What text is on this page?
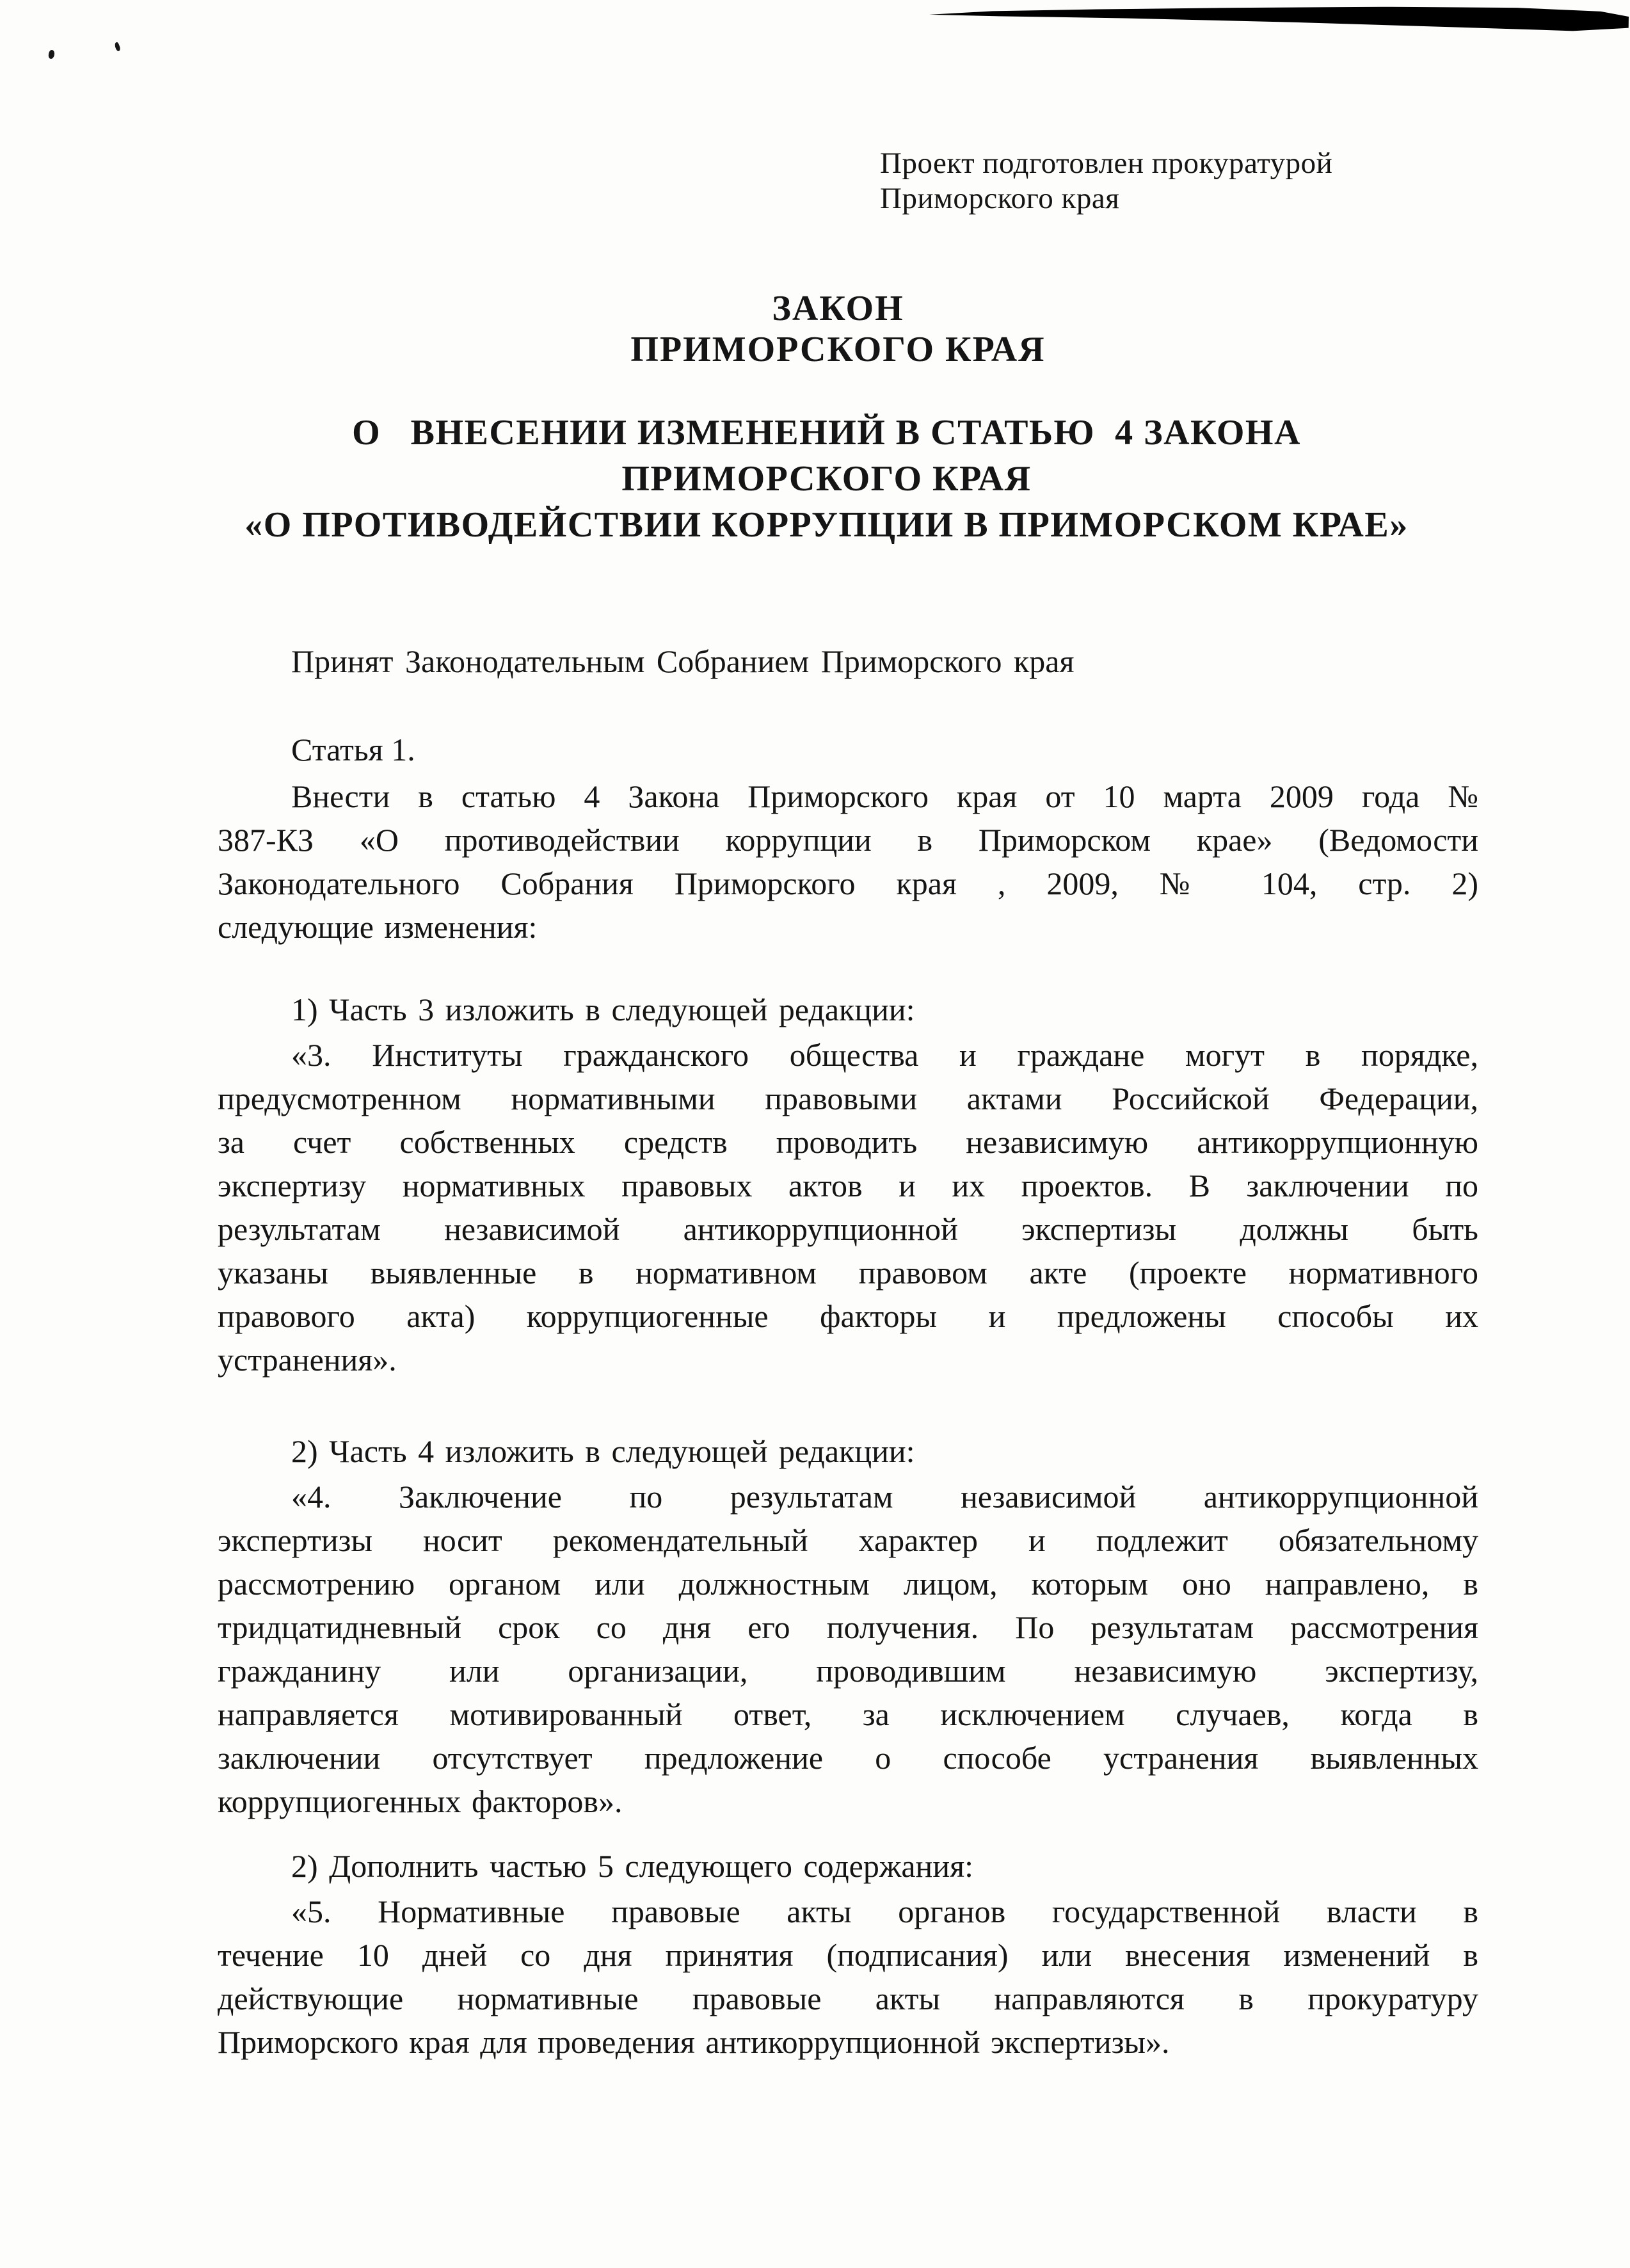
Проект подготовлен прокуратурой
Приморского края
ЗАКОН
ПРИМОРСКОГО КРАЯ
О   ВНЕСЕНИИ ИЗМЕНЕНИЙ В СТАТЬЮ  4 ЗАКОНА
ПРИМОРСКОГО КРАЯ
«О ПРОТИВОДЕЙСТВИИ КОРРУПЦИИ В ПРИМОРСКОМ КРАЕ»
Принят Законодательным Собранием Приморского края
Статья 1.
Внести в статью 4 Закона Приморского края от 10 марта 2009 года №
387-КЗ «О противодействии коррупции в Приморском крае» (Ведомости
Законодательного Собрания Приморского края , 2009, № 104, стр. 2)
следующие изменения:
1) Часть 3 изложить в следующей редакции:
«3. Институты гражданского общества и граждане могут в порядке,
предусмотренном нормативными правовыми актами Российской Федерации,
за счет собственных средств проводить независимую антикоррупционную
экспертизу нормативных правовых актов и их проектов. В заключении по
результатам независимой антикоррупционной экспертизы должны быть
указаны выявленные в нормативном правовом акте (проекте нормативного
правового акта) коррупциогенные факторы и предложены способы их
устранения».
2) Часть 4 изложить в следующей редакции:
«4. Заключение по результатам независимой антикоррупционной
экспертизы носит рекомендательный характер и подлежит обязательному
рассмотрению органом или должностным лицом, которым оно направлено, в
тридцатидневный срок со дня его получения. По результатам рассмотрения
гражданину или организации, проводившим независимую экспертизу,
направляется мотивированный ответ, за исключением случаев, когда в
заключении отсутствует предложение о способе устранения выявленных
коррупциогенных факторов».
2) Дополнить частью 5 следующего содержания:
«5. Нормативные правовые акты органов государственной власти в
течение 10 дней со дня принятия (подписания) или внесения изменений в
действующие нормативные правовые акты направляются в прокуратуру
Приморского края для проведения антикоррупционной экспертизы».
